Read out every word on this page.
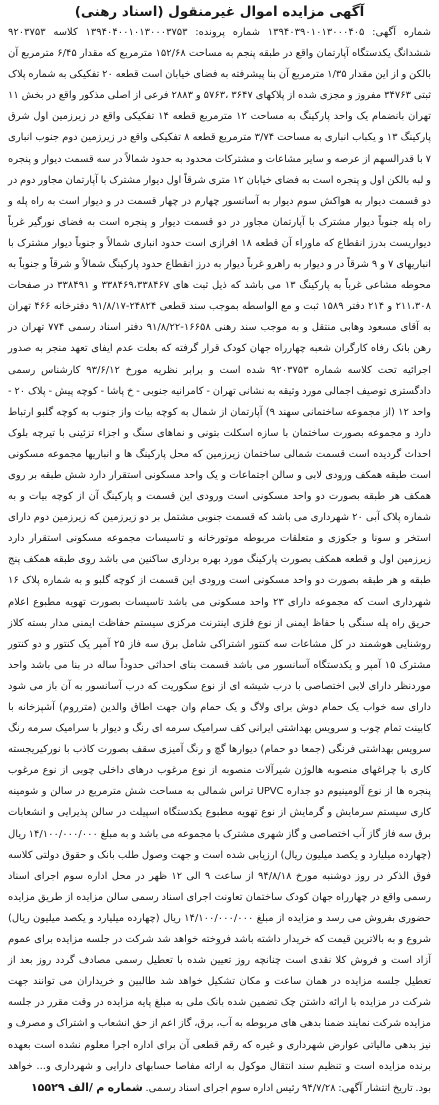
آگهی مزایده اموال غیرمنقول (اسناد رهنی)
شماره آگهی: ۱۳۹۴۰۳۹۰۱۰۱۳۰۰۰۴۰۵ شماره پرونده: ۱۳۹۴۰۴۰۰۱۰۱۳۰۰۰۳۷۵۳ کلاسه ۹۲۰۳۷۵۳ ششدانگ یکدستگاه آپارتمان واقع در طبقه پنجم به مساحت ۱۵۲/۶۸ مترمربع که مقدار ۶/۴۵ مترمربع آن بالکن و از این مقدار ۱/۳۵ مترمربع آن بنا پیشرفته به فضای خیابان است قطعه ۲۰ تفکیکی به شماره پلاک ثبتی ۳۴۷۶۳ مفروز و مجزی شده از پلاکهای ۳۶۴۷ ،۵۷۶۳ و ۲۸۸۳ فرعی از اصلی مذکور واقع در بخش ۱۱ تهران بانضمام یک واحد پارکینگ به مساحت ۱۲ مترمربع قطعه ۱۴ تفکیکی واقع در زیرزمین اول شرق پارکینگ ۱۳ و یکباب انباری به مساحت ۳/۷۴ مترمربع قطعه ۸ تفکیکی واقع در زیرزمین دوم جنوب انباری ۷ با قدرالسهم از عرصه و سایر مشاعات و مشترکات محدود به حدود شمالاً در سه قسمت دیوار و پنجره و لبه بالکن اول و پنجره است به فضای خیابان ۱۲ متری شرقاً اول دیوار مشترک با آپارتمان مجاور دوم در دو قسمت دیوار به هواکش سوم دیوار به آسانسور چهارم در چهار قسمت در و دیوار است به راه پله و راه پله جنوباً دیوار مشترک با آپارتمان مجاور در دو قسمت دیوار و پنجره است به فضای نورگیر غرباً دیواریست بدرز انقطاع که ماوراء آن قطعه ۱۸ افرازی است حدود انباری شمالاً و جنوباً دیوار مشترک با انباریهای ۷ و ۹ شرقاً در و دیوار به راهرو غرباً دیوار به درز انقطاع حدود پارکینگ شمالاً و شرقاً و جنوباً به محوطه مشاعی غرباً به پارکینگ ۱۳ می باشد که ذیل ثبت های ۳۳۸۴۶۹،۳۳۸۴۶۷ و ۳۳۸۴۹۱ در صفحات ۲۱۱،۳۰۸ و ۲۱۴ دفتر ۱۵۸۹ ثبت و مع الواسطه بموجب سند قطعی ۲۴۸۲۴-۹۱/۸/۱۷ دفترخانه ۴۶۶ تهران به آقای مسعود وهابی منتقل و به موجب سند رهنی ۱۶۶۵۸-۹۱/۸/۲۲ دفتر اسناد رسمی ۷۷۴ تهران در رهن بانک رفاه کارگران شعبه چهارراه جهان کودک قرار گرفته که بعلت عدم ایفای تعهد منجر به صدور اجرائیه تحت کلاسه شماره ۹۲۰۳۷۵۳ شده است و برابر نظریه مورخ ۹۳/۶/۱۲ کارشناس رسمی دادگستری توصیف اجمالی مورد وثیقه به نشانی تهران - کامرانیه جنوبی - خ پاشا - کوچه پیش - پلاک ۲۰ - واحد ۱۲ (از مجموعه ساختمانی سهند ۹) آپارتمان از شمال به کوچه بیات واز جنوب به کوچه گلبو ارتباط دارد و مجموعه بصورت ساختمان با سازه اسکلت بتونی و نماهای سنگ و اجزاء تزئینی با تیرچه بلوک احداث گردیده است قسمت شمالی ساختمان زیرزمین که محل پارکینگ ها و انباریها مجموعه مسکونی است طبقه همکف ورودی لابی و سالن اجتماعات و یک واحد مسکونی استقرار دارد شش طبقه بر روی همکف هر طبقه بصورت دو واحد مسکونی است ورودی این قسمت و پارکینگ آن از کوچه بیات و به شماره پلاک آبی ۲۰ شهرداری می باشد که قسمت جنوبی مشتمل بر دو زیرزمین که زیرزمین دوم دارای استخر و سونا و جکوزی و متعلقات مربوطه موتورخانه و تاسیسات مجموعه مسکونی استقرار دارد زیرزمین اول و قطعه همکف بصورت پارکینگ مورد بهره برداری ساکنین می باشد روی طبقه همکف پنج طبقه و هر طبقه بصورت دو واحد مسکونی است ورودی این قسمت از کوچه گلبو و به شماره پلاک ۱۶ شهرداری است که مجموعه دارای ۲۳ واحد مسکونی می باشد تاسیسات بصورت تهویه مطبوع اعلام حریق راه پله سنگی با حفاظ ایمنی از نوع فلزی اینترنت مرکزی سیستم حفاظت ایمنی مدار بسته کلاز روشنایی هوشمند در کل مشاعات سه کنتور اشتراکی شامل برق سه فاز ۲۵ آمپر یک کنتور و دو کنتور مشترک ۱۵ آمپر و یکدستگاه آسانسور می باشد قسمت بنای احداثی حدوداً ساله در بنا می باشد واحد موردنظر دارای لابی اختصاصی با درب شیشه ای از نوع سکوریت که درب آسانسور به آن باز می شود دارای سه خواب یک حمام دوش برای ولاگ و یک حمام وان جهت اطاق والدین (مترروم) آشپزخانه با کابینت تمام چوب و سرویس بهداشتی ایرانی کف سرامیک سرمه ای رنگ و دیوار با سرامیک سرمه رنگ سرویس بهداشتی فرنگی (جمعا دو حمام) دیوارها گچ و رنگ آمیزی سقف بصورت کاذب با نورکیریجسته کاری با چراغهای منصوبه هالوژن شیرآلات منصوبه از نوع مرغوب درهای داخلی چوبی از نوع مرغوب پنجره ها از نوع آلومینیوم دو جداره UPVC تراس شمالی به مساحت شش مترمربع در سالن و شومینه کاری سیستم سرمایش و گرمایش از نوع تهویه مطبوع یکدستگاه اسپیلت در سالن پذیرایی و انشعابات برق سه فاز گاز آب اختصاصی و گاز شهری مشترک با مجموعه می باشد و به مبلغ ۱۴/۱۰۰/۰۰۰/۰۰۰ ریال (چهارده میلیارد و یکصد میلیون ریال) ارزیابی شده است و جهت وصول طلب بانک و حقوق دولتی کلاسه فوق الذکر در روز دوشنبه مورخ ۹۴/۸/۱۸ از ساعت ۹ الی ۱۲ ظهر در محل اداره سوم اجرای اسناد رسمی واقع در چهارراه جهان کودک ساختمان تعاونت اجرای اسناد رسمی سالن مزایده از طریق مزایده حضوری بفروش می رسد و مزایده از مبلغ ۱۴/۱۰۰/۰۰۰/۰۰۰ ریال (چهارده میلیارد و یکصد میلیون ریال) شروع و به بالاترین قیمت که خریدار داشته باشد فروخته خواهد شد شرکت در جلسه مزایده برای عموم آزاد است و فروش کلا نقدی است چنانچه روز تعیین شده با تعطیل رسمی مصادف گردد روز بعد از تعطیل جلسه مزایده در همان ساعت و مکان تشکیل خواهد شد طالبین و خریداران می توانند جهت شرکت در مزایده با ارائه داشتن چک تضمین شده بانک ملی به مبلغ پایه مزایده در وقت مقرر در جلسه مزایده شرکت نمایند ضمنا بدهی های مربوطه به آب، برق، گاز اعم از حق انشعاب و اشتراک و مصرف و نیز بدهی مالیاتی عوارض شهرداری و غیره که رقم قطعی آن برای اداره اجرا معلوم نشده است بعهده برنده مزایده است و تنظیم سند انتقال موکول به ارائه مفاصا حسابهای دارایی و شهرداری و... خواهد بود. تاریخ انتشار آگهی: ۹۴/۷/۲۸ رئیس اداره سوم اجرای اسناد رسمی. شماره م /الف ۱۵۵۲۹
